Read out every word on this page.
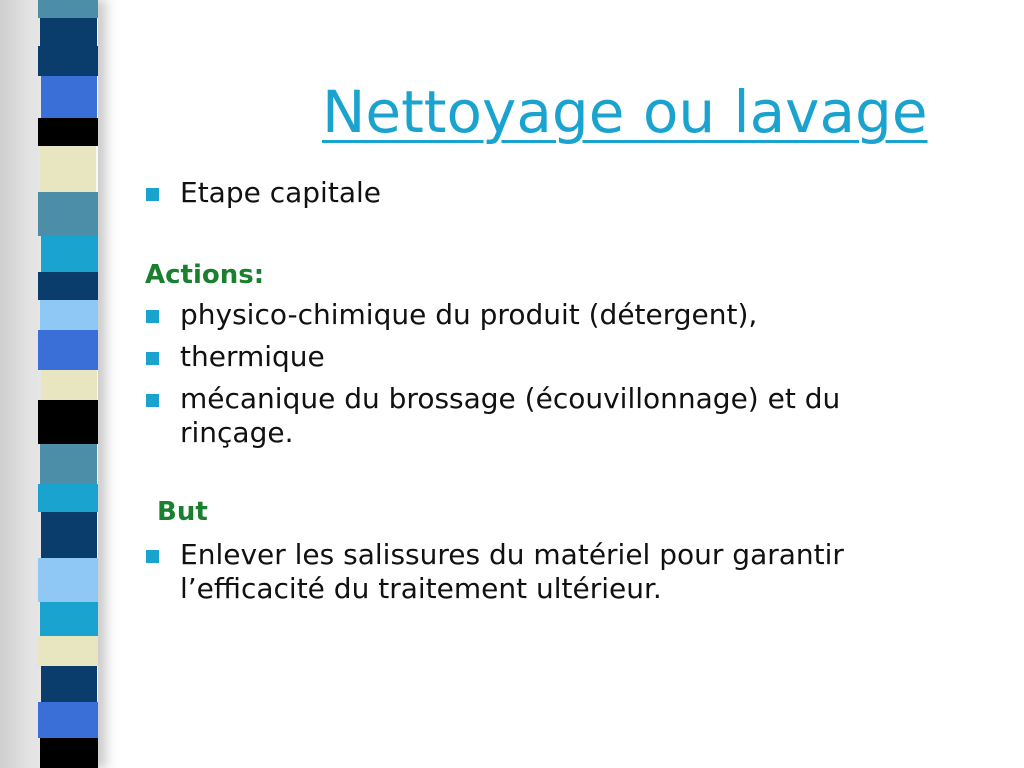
Nettoyage ou lavage
Etape capitale
Actions:
physico-chimique du produit (détergent),
thermique
mécanique du brossage (écouvillonnage) et du
rinçage.
But
Enlever les salissures du matériel pour garantir
l’efficacité du traitement ultérieur.
